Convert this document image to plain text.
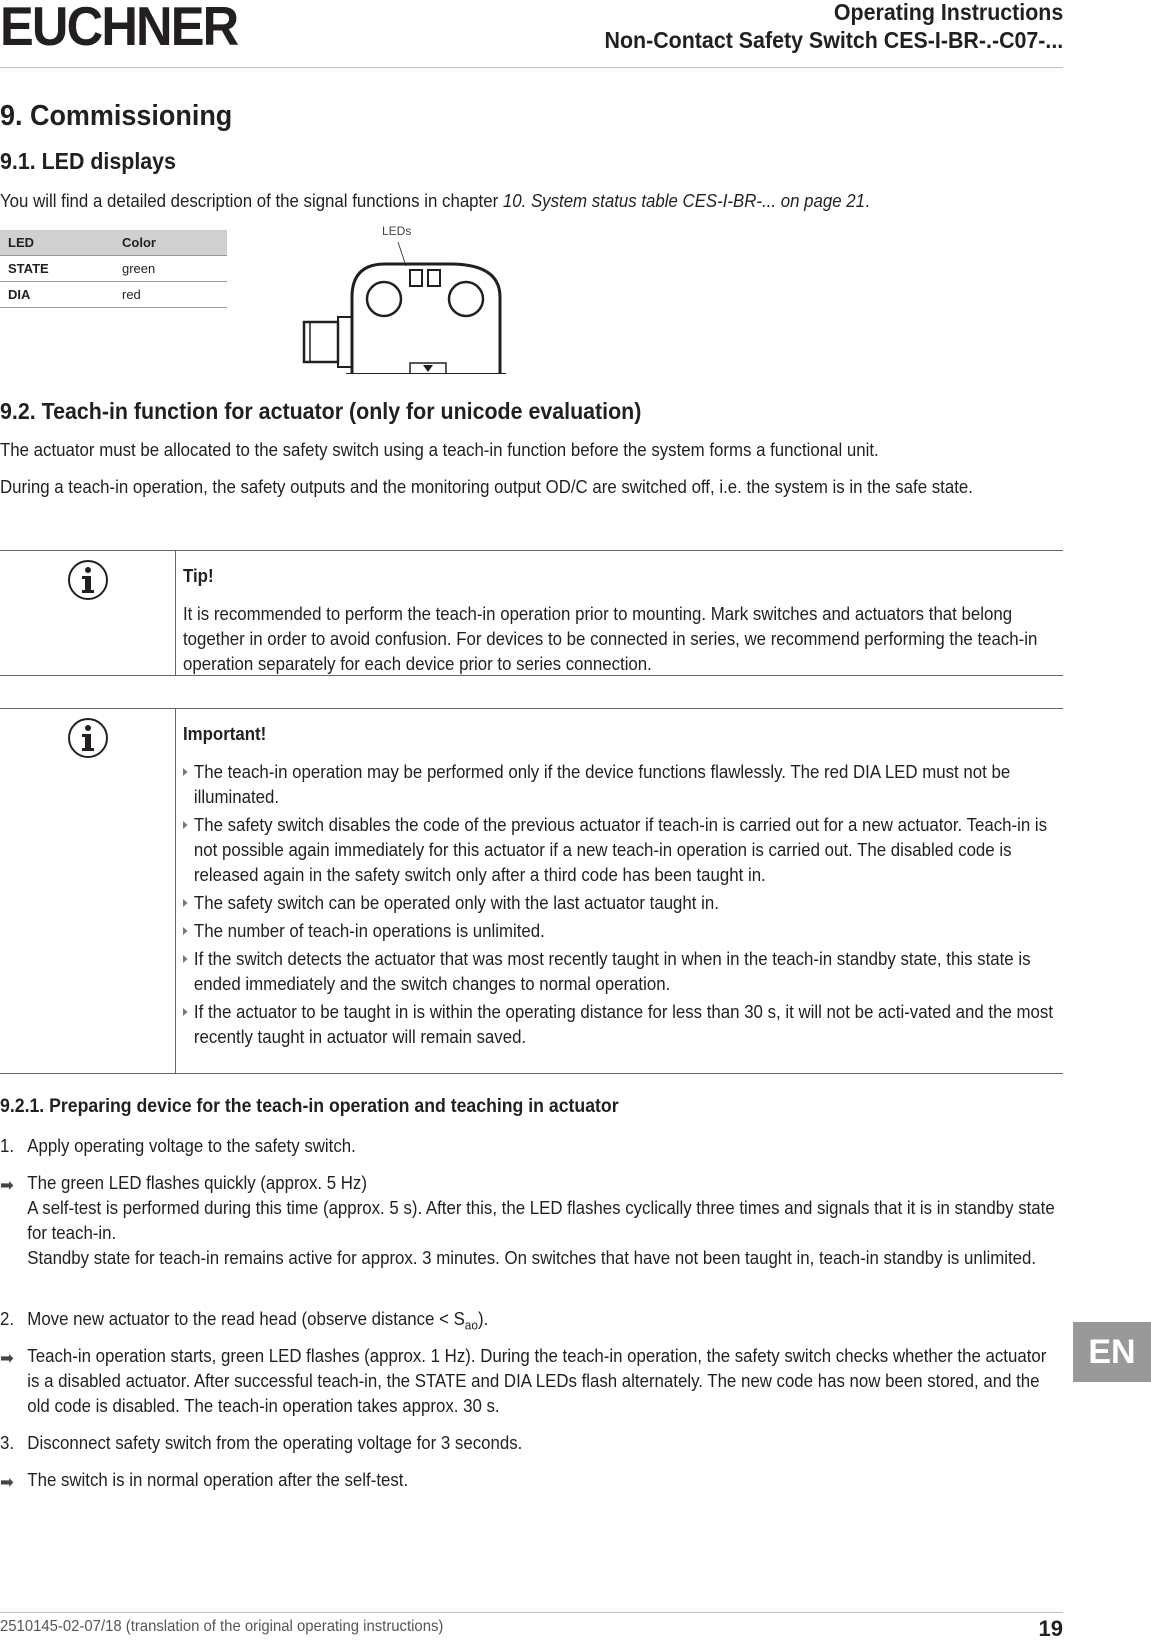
EUCHNER	Operating Instructions
Non-Contact Safety Switch CES-I-BR-.-C07-...
9. Commissioning
9.1. LED displays
You will find a detailed description of the signal functions in chapter 10. System status table CES-I-BR-... on page 21.
LED	Color
STATE	green
DIA	red
LEDs
9.2. Teach-in function for actuator (only for unicode evaluation)
The actuator must be allocated to the safety switch using a teach-in function before the system forms a functional unit.
During a teach-in operation, the safety outputs and the monitoring output OD/C are switched off, i.e. the system is in the safe state.
Tip!
It is recommended to perform the teach-in operation prior to mounting. Mark switches and actuators that belong together in order to avoid confusion. For devices to be connected in series, we recommend performing the teach-in operation separately for each device prior to series connection.
Important!
The teach-in operation may be performed only if the device functions flawlessly. The red DIA LED must not be illuminated.
The safety switch disables the code of the previous actuator if teach-in is carried out for a new actuator. Teach-in is not possible again immediately for this actuator if a new teach-in operation is carried out. The disabled code is released again in the safety switch only after a third code has been taught in.
The safety switch can be operated only with the last actuator taught in.
The number of teach-in operations is unlimited.
If the switch detects the actuator that was most recently taught in when in the teach-in standby state, this state is ended immediately and the switch changes to normal operation.
If the actuator to be taught in is within the operating distance for less than 30 s, it will not be acti-vated and the most recently taught in actuator will remain saved.
9.2.1. Preparing device for the teach-in operation and teaching in actuator
1. Apply operating voltage to the safety switch.
➡ The green LED flashes quickly (approx. 5 Hz)
A self-test is performed during this time (approx. 5 s). After this, the LED flashes cyclically three times and signals that it is in standby state for teach-in.
Standby state for teach-in remains active for approx. 3 minutes. On switches that have not been taught in, teach-in standby is unlimited.
2. Move new actuator to the read head (observe distance < $S_{ao}$).
➡ Teach-in operation starts, green LED flashes (approx. 1 Hz). During the teach-in operation, the safety switch checks whether the actuator is a disabled actuator. After successful teach-in, the STATE and DIA LEDs flash alternately. The new code has now been stored, and the old code is disabled. The teach-in operation takes approx. 30 s.
3. Disconnect safety switch from the operating voltage for 3 seconds.
➡ The switch is in normal operation after the self-test.
EN
2510145-02-07/18 (translation of the original operating instructions)	19
